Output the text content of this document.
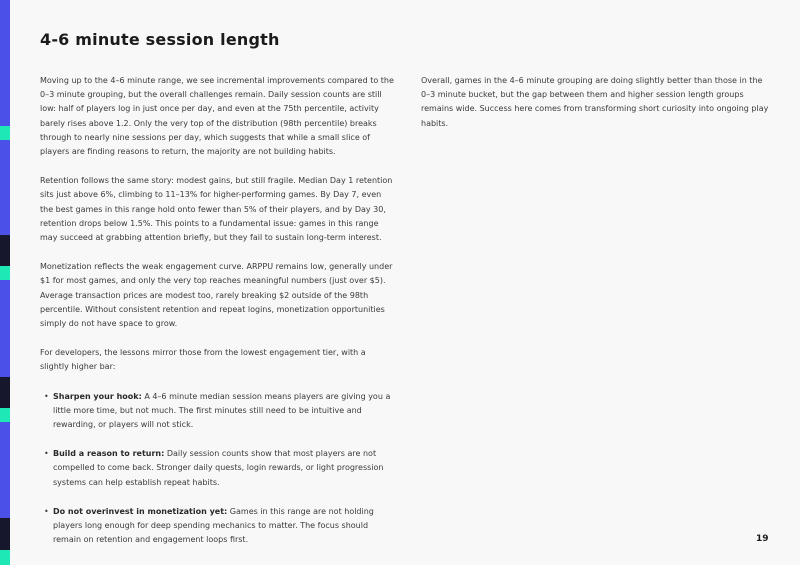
4-6 minute session length

Moving up to the 4–6 minute range, we see incremental improvements compared to the 0–3 minute grouping, but the overall challenges remain. Daily session counts are still low: half of players log in just once per day, and even at the 75th percentile, activity barely rises above 1.2. Only the very top of the distribution (98th percentile) breaks through to nearly nine sessions per day, which suggests that while a small slice of players are finding reasons to return, the majority are not building habits.

Retention follows the same story: modest gains, but still fragile. Median Day 1 retention sits just above 6%, climbing to 11–13% for higher-performing games. By Day 7, even the best games in this range hold onto fewer than 5% of their players, and by Day 30, retention drops below 1.5%. This points to a fundamental issue: games in this range may succeed at grabbing attention briefly, but they fail to sustain long-term interest.

Monetization reflects the weak engagement curve. ARPPU remains low, generally under $1 for most games, and only the very top reaches meaningful numbers (just over $5). Average transaction prices are modest too, rarely breaking $2 outside of the 98th percentile. Without consistent retention and repeat logins, monetization opportunities simply do not have space to grow.

For developers, the lessons mirror those from the lowest engagement tier, with a slightly higher bar:

• Sharpen your hook: A 4–6 minute median session means players are giving you a little more time, but not much. The first minutes still need to be intuitive and rewarding, or players will not stick.
• Build a reason to return: Daily session counts show that most players are not compelled to come back. Stronger daily quests, login rewards, or light progression systems can help establish repeat habits.
• Do not overinvest in monetization yet: Games in this range are not holding players long enough for deep spending mechanics to matter. The focus should remain on retention and engagement loops first.

Overall, games in the 4–6 minute grouping are doing slightly better than those in the 0–3 minute bucket, but the gap between them and higher session length groups remains wide. Success here comes from transforming short curiosity into ongoing play habits.

19
